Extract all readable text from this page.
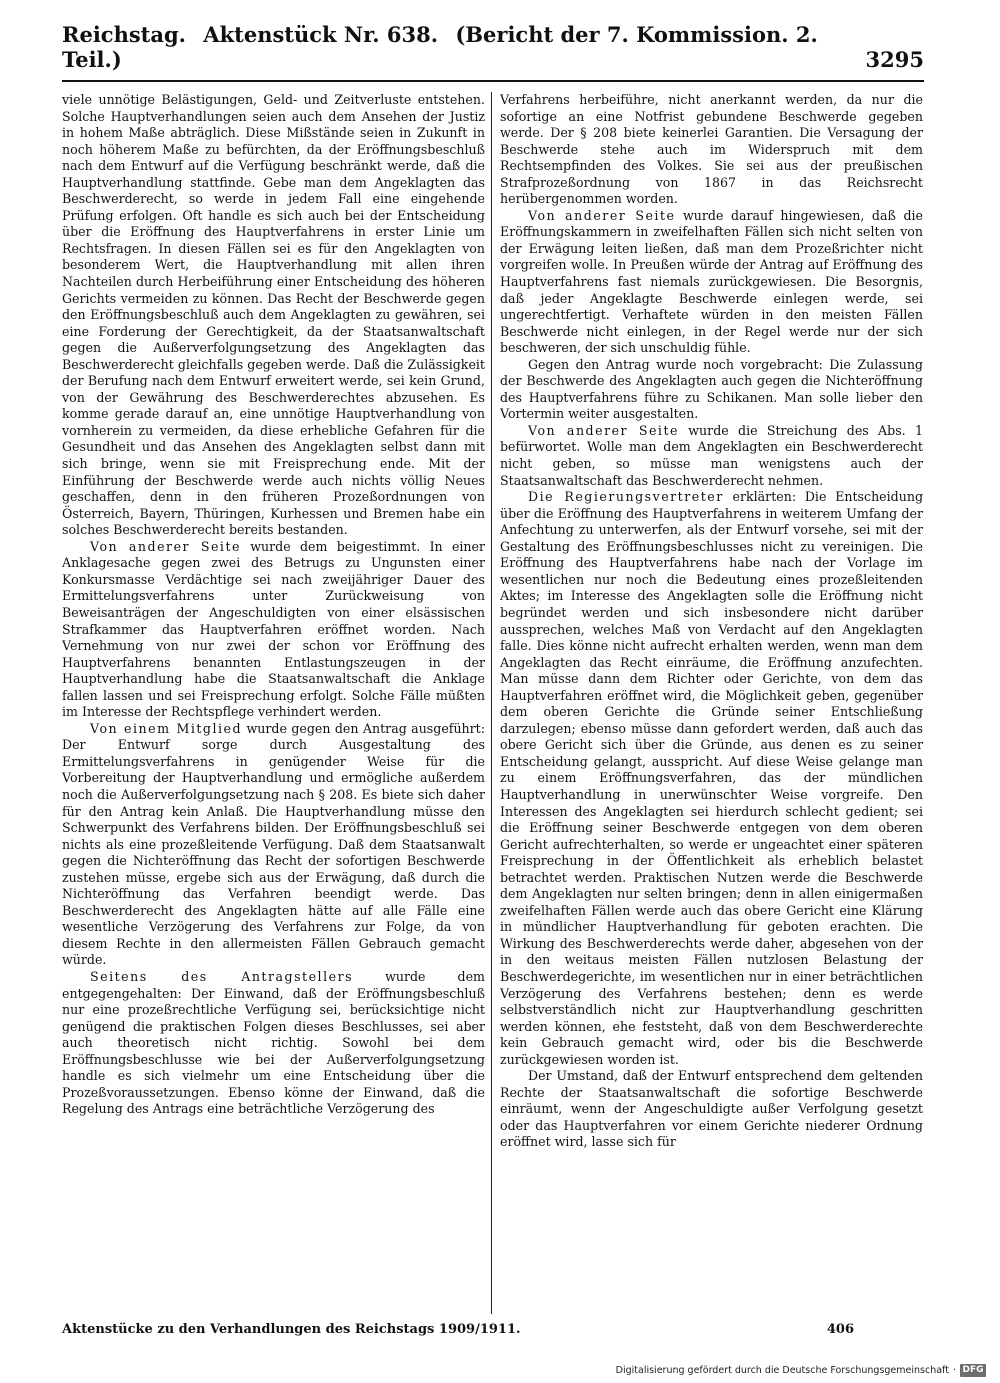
Reichstag. Aktenstück Nr. 638. (Bericht der 7. Kommission. 2. Teil.)	3295

viele unnötige Belästigungen, Geld- und Zeitverluste entstehen. Solche Hauptverhandlungen seien auch dem Ansehen der Justiz in hohem Maße abträglich. Diese Mißstände seien in Zukunft in noch höherem Maße zu befürchten, da der Eröffnungsbeschluß nach dem Entwurf auf die Verfügung beschränkt werde, daß die Hauptverhandlung stattfinde. Gebe man dem Angeklagten das Beschwerderecht, so werde in jedem Fall eine eingehende Prüfung erfolgen. Oft handle es sich auch bei der Entscheidung über die Eröffnung des Hauptverfahrens in erster Linie um Rechtsfragen. In diesen Fällen sei es für den Angeklagten von besonderem Wert, die Hauptverhandlung mit allen ihren Nachteilen durch Herbeiführung einer Entscheidung des höheren Gerichts vermeiden zu können. Das Recht der Beschwerde gegen den Eröffnungsbeschluß auch dem Angeklagten zu gewähren, sei eine Forderung der Gerechtigkeit, da der Staatsanwaltschaft gegen die Außerverfolgungsetzung des Angeklagten das Beschwerderecht gleichfalls gegeben werde. Daß die Zulässigkeit der Berufung nach dem Entwurf erweitert werde, sei kein Grund, von der Gewährung des Beschwerderechtes abzusehen. Es komme gerade darauf an, eine unnötige Hauptverhandlung von vornherein zu vermeiden, da diese erhebliche Gefahren für die Gesundheit und das Ansehen des Angeklagten selbst dann mit sich bringe, wenn sie mit Freisprechung ende. Mit der Einführung der Beschwerde werde auch nichts völlig Neues geschaffen, denn in den früheren Prozeßordnungen von Österreich, Bayern, Thüringen, Kurhessen und Bremen habe ein solches Beschwerderecht bereits bestanden.

Von anderer Seite wurde dem beigestimmt. In einer Anklagesache gegen zwei des Betrugs zu Ungunsten einer Konkursmasse Verdächtige sei nach zweijähriger Dauer des Ermittelungsverfahrens unter Zurückweisung von Beweisanträgen der Angeschuldigten von einer elsässischen Strafkammer das Hauptverfahren eröffnet worden. Nach Vernehmung von nur zwei der schon vor Eröffnung des Hauptverfahrens benannten Entlastungszeugen in der Hauptverhandlung habe die Staatsanwaltschaft die Anklage fallen lassen und sei Freisprechung erfolgt. Solche Fälle müßten im Interesse der Rechtspflege verhindert werden.

Von einem Mitglied wurde gegen den Antrag ausgeführt: Der Entwurf sorge durch Ausgestaltung des Ermittelungsverfahrens in genügender Weise für die Vorbereitung der Hauptverhandlung und ermögliche außerdem noch die Außerverfolgungsetzung nach § 208. Es biete sich daher für den Antrag kein Anlaß. Die Hauptverhandlung müsse den Schwerpunkt des Verfahrens bilden. Der Eröffnungsbeschluß sei nichts als eine prozeßleitende Verfügung. Daß dem Staatsanwalt gegen die Nichteröffnung das Recht der sofortigen Beschwerde zustehen müsse, ergebe sich aus der Erwägung, daß durch die Nichteröffnung das Verfahren beendigt werde. Das Beschwerderecht des Angeklagten hätte auf alle Fälle eine wesentliche Verzögerung des Verfahrens zur Folge, da von diesem Rechte in den allermeisten Fällen Gebrauch gemacht würde.

Seitens des Antragstellers wurde dem entgegengehalten: Der Einwand, daß der Eröffnungsbeschluß nur eine prozeßrechtliche Verfügung sei, berücksichtige nicht genügend die praktischen Folgen dieses Beschlusses, sei aber auch theoretisch nicht richtig. Sowohl bei dem Eröffnungsbeschlusse wie bei der Außerverfolgungsetzung handle es sich vielmehr um eine Entscheidung über die Prozeßvoraussetzungen. Ebenso könne der Einwand, daß die Regelung des Antrags eine beträchtliche Verzögerung des

Verfahrens herbeiführe, nicht anerkannt werden, da nur die sofortige an eine Notfrist gebundene Beschwerde gegeben werde. Der § 208 biete keinerlei Garantien. Die Versagung der Beschwerde stehe auch im Widerspruch mit dem Rechtsempfinden des Volkes. Sie sei aus der preußischen Strafprozeßordnung von 1867 in das Reichsrecht herübergenommen worden.

Von anderer Seite wurde darauf hingewiesen, daß die Eröffnungskammern in zweifelhaften Fällen sich nicht selten von der Erwägung leiten ließen, daß man dem Prozeßrichter nicht vorgreifen wolle. In Preußen würde der Antrag auf Eröffnung des Hauptverfahrens fast niemals zurückgewiesen. Die Besorgnis, daß jeder Angeklagte Beschwerde einlegen werde, sei ungerechtfertigt. Verhaftete würden in den meisten Fällen Beschwerde nicht einlegen, in der Regel werde nur der sich beschweren, der sich unschuldig fühle.

Gegen den Antrag wurde noch vorgebracht: Die Zulassung der Beschwerde des Angeklagten auch gegen die Nichteröffnung des Hauptverfahrens führe zu Schikanen. Man solle lieber den Vortermin weiter ausgestalten.

Von anderer Seite wurde die Streichung des Abs. 1 befürwortet. Wolle man dem Angeklagten ein Beschwerderecht nicht geben, so müsse man wenigstens auch der Staatsanwaltschaft das Beschwerderecht nehmen.

Die Regierungsvertreter erklärten: Die Entscheidung über die Eröffnung des Hauptverfahrens in weiterem Umfang der Anfechtung zu unterwerfen, als der Entwurf vorsehe, sei mit der Gestaltung des Eröffnungsbeschlusses nicht zu vereinigen. Die Eröffnung des Hauptverfahrens habe nach der Vorlage im wesentlichen nur noch die Bedeutung eines prozeßleitenden Aktes; im Interesse des Angeklagten solle die Eröffnung nicht begründet werden und sich insbesondere nicht darüber aussprechen, welches Maß von Verdacht auf den Angeklagten falle. Dies könne nicht aufrecht erhalten werden, wenn man dem Angeklagten das Recht einräume, die Eröffnung anzufechten. Man müsse dann dem Richter oder Gerichte, von dem das Hauptverfahren eröffnet wird, die Möglichkeit geben, gegenüber dem oberen Gerichte die Gründe seiner Entschließung darzulegen; ebenso müsse dann gefordert werden, daß auch das obere Gericht sich über die Gründe, aus denen es zu seiner Entscheidung gelangt, ausspricht. Auf diese Weise gelange man zu einem Eröffnungsverfahren, das der mündlichen Hauptverhandlung in unerwünschter Weise vorgreife. Den Interessen des Angeklagten sei hierdurch schlecht gedient; sei die Eröffnung seiner Beschwerde entgegen von dem oberen Gericht aufrechterhalten, so werde er ungeachtet einer späteren Freisprechung in der Öffentlichkeit als erheblich belastet betrachtet werden. Praktischen Nutzen werde die Beschwerde dem Angeklagten nur selten bringen; denn in allen einigermaßen zweifelhaften Fällen werde auch das obere Gericht eine Klärung in mündlicher Hauptverhandlung für geboten erachten. Die Wirkung des Beschwerderechts werde daher, abgesehen von der in den weitaus meisten Fällen nutzlosen Belastung der Beschwerdegerichte, im wesentlichen nur in einer beträchtlichen Verzögerung des Verfahrens bestehen; denn es werde selbstverständlich nicht zur Hauptverhandlung geschritten werden können, ehe feststeht, daß von dem Beschwerderechte kein Gebrauch gemacht wird, oder bis die Beschwerde zurückgewiesen worden ist.

Der Umstand, daß der Entwurf entsprechend dem geltenden Rechte der Staatsanwaltschaft die sofortige Beschwerde einräumt, wenn der Angeschuldigte außer Verfolgung gesetzt oder das Hauptverfahren vor einem Gerichte niederer Ordnung eröffnet wird, lasse sich für

Aktenstücke zu den Verhandlungen des Reichstags 1909/1911.	406
Digitalisierung gefördert durch die Deutsche Forschungsgemeinschaft · DFG
